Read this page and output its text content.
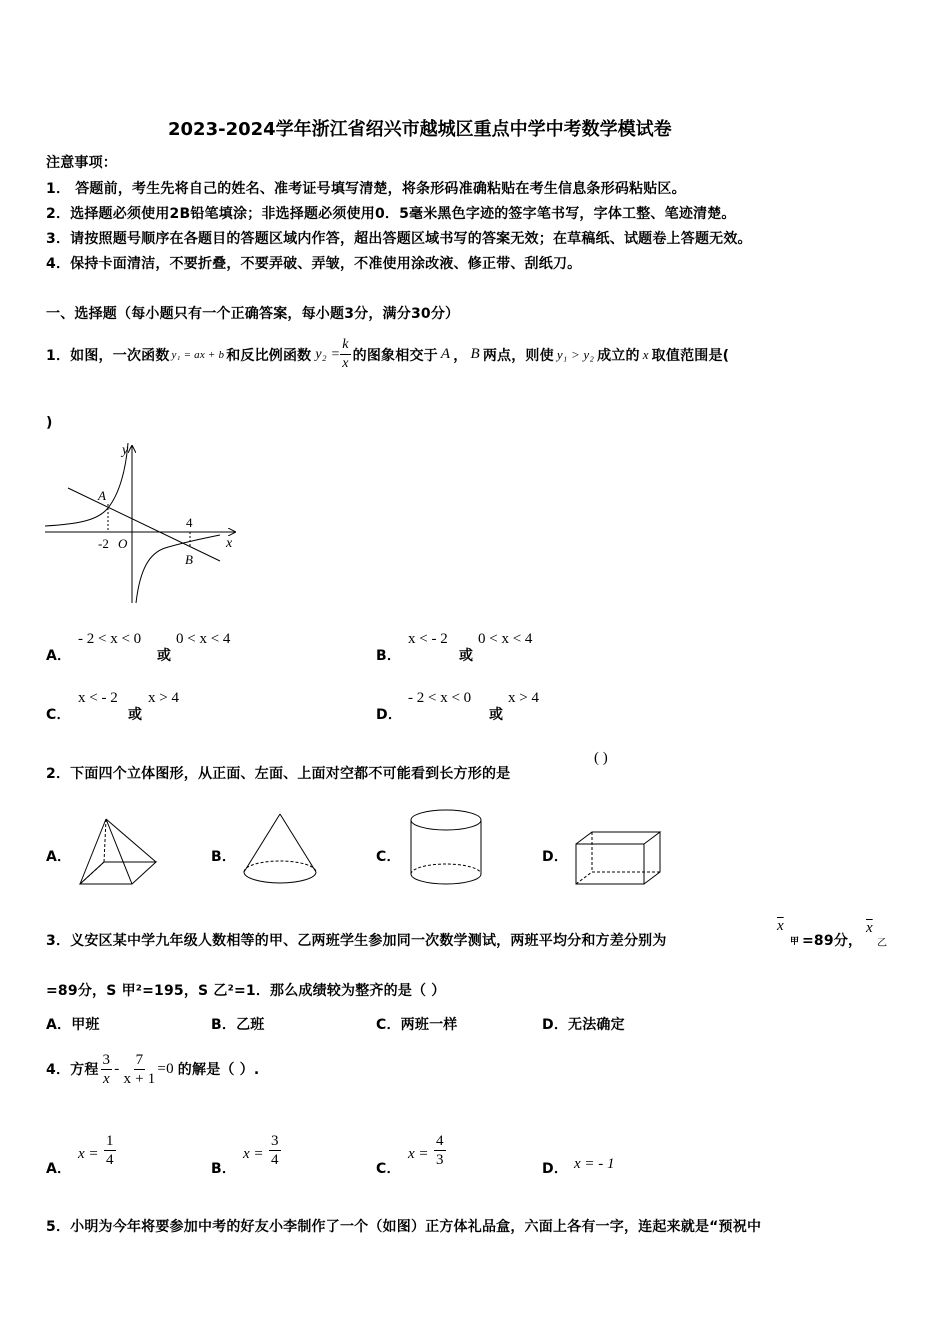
2023-2024学年浙江省绍兴市越城区重点中学中考数学模试卷
注意事项：
1． 答题前，考生先将自己的姓名、准考证号填写清楚，将条形码准确粘贴在考生信息条形码粘贴区。
2．选择题必须使用2B铅笔填涂；非选择题必须使用0．5毫米黑色字迹的签字笔书写，字体工整、笔迹清楚。
3．请按照题号顺序在各题目的答题区域内作答，超出答题区域书写的答案无效；在草稿纸、试题卷上答题无效。
4．保持卡面清洁，不要折叠，不要弄破、弄皱，不准使用涂改液、修正带、刮纸刀。
一、选择题（每小题只有一个正确答案，每小题3分，满分30分）
1．如图，一次函数 y₁ = ax + b 和反比例函数 $y_2 = \frac{k}{x}$ 的图象相交于 A ， B 两点，则使 y₁ > y₂ 成立的 x 取值范围是(
)
y
x
A
B
O
-2
4
A．
- 2 < x < 0
或
0 < x < 4
B．
x < - 2
或
0 < x < 4
C．
x < - 2
或
x > 4
D．
- 2 < x < 0
或
x > 4
2．下面四个立体图形，从正面、左面、上面对空都不可能看到长方形的是
( )
A．	B．	C．	D．
3．义安区某中学九年级人数相等的甲、乙两班学生参加同一次数学测试，两班平均分和方差分别为
$\overline{x}$
甲 =89分，
$\overline{x}$
乙
=89分，S 甲²=195，S 乙²=1．那么成绩较为整齐的是（ ）
A．甲班	B．乙班	C．两班一样	D．无法确定
4．方程 $\frac{3}{x} - \frac{7}{x + 1} =0$ 的解是（ ）.
A．
$x = \frac{1}{4}$	B．
$x = \frac{3}{4}$	C．
$x = \frac{4}{3}$	D． x = - 1
5．小明为今年将要参加中考的好友小李制作了一个（如图）正方体礼品盒，六面上各有一字，连起来就是“预祝中
